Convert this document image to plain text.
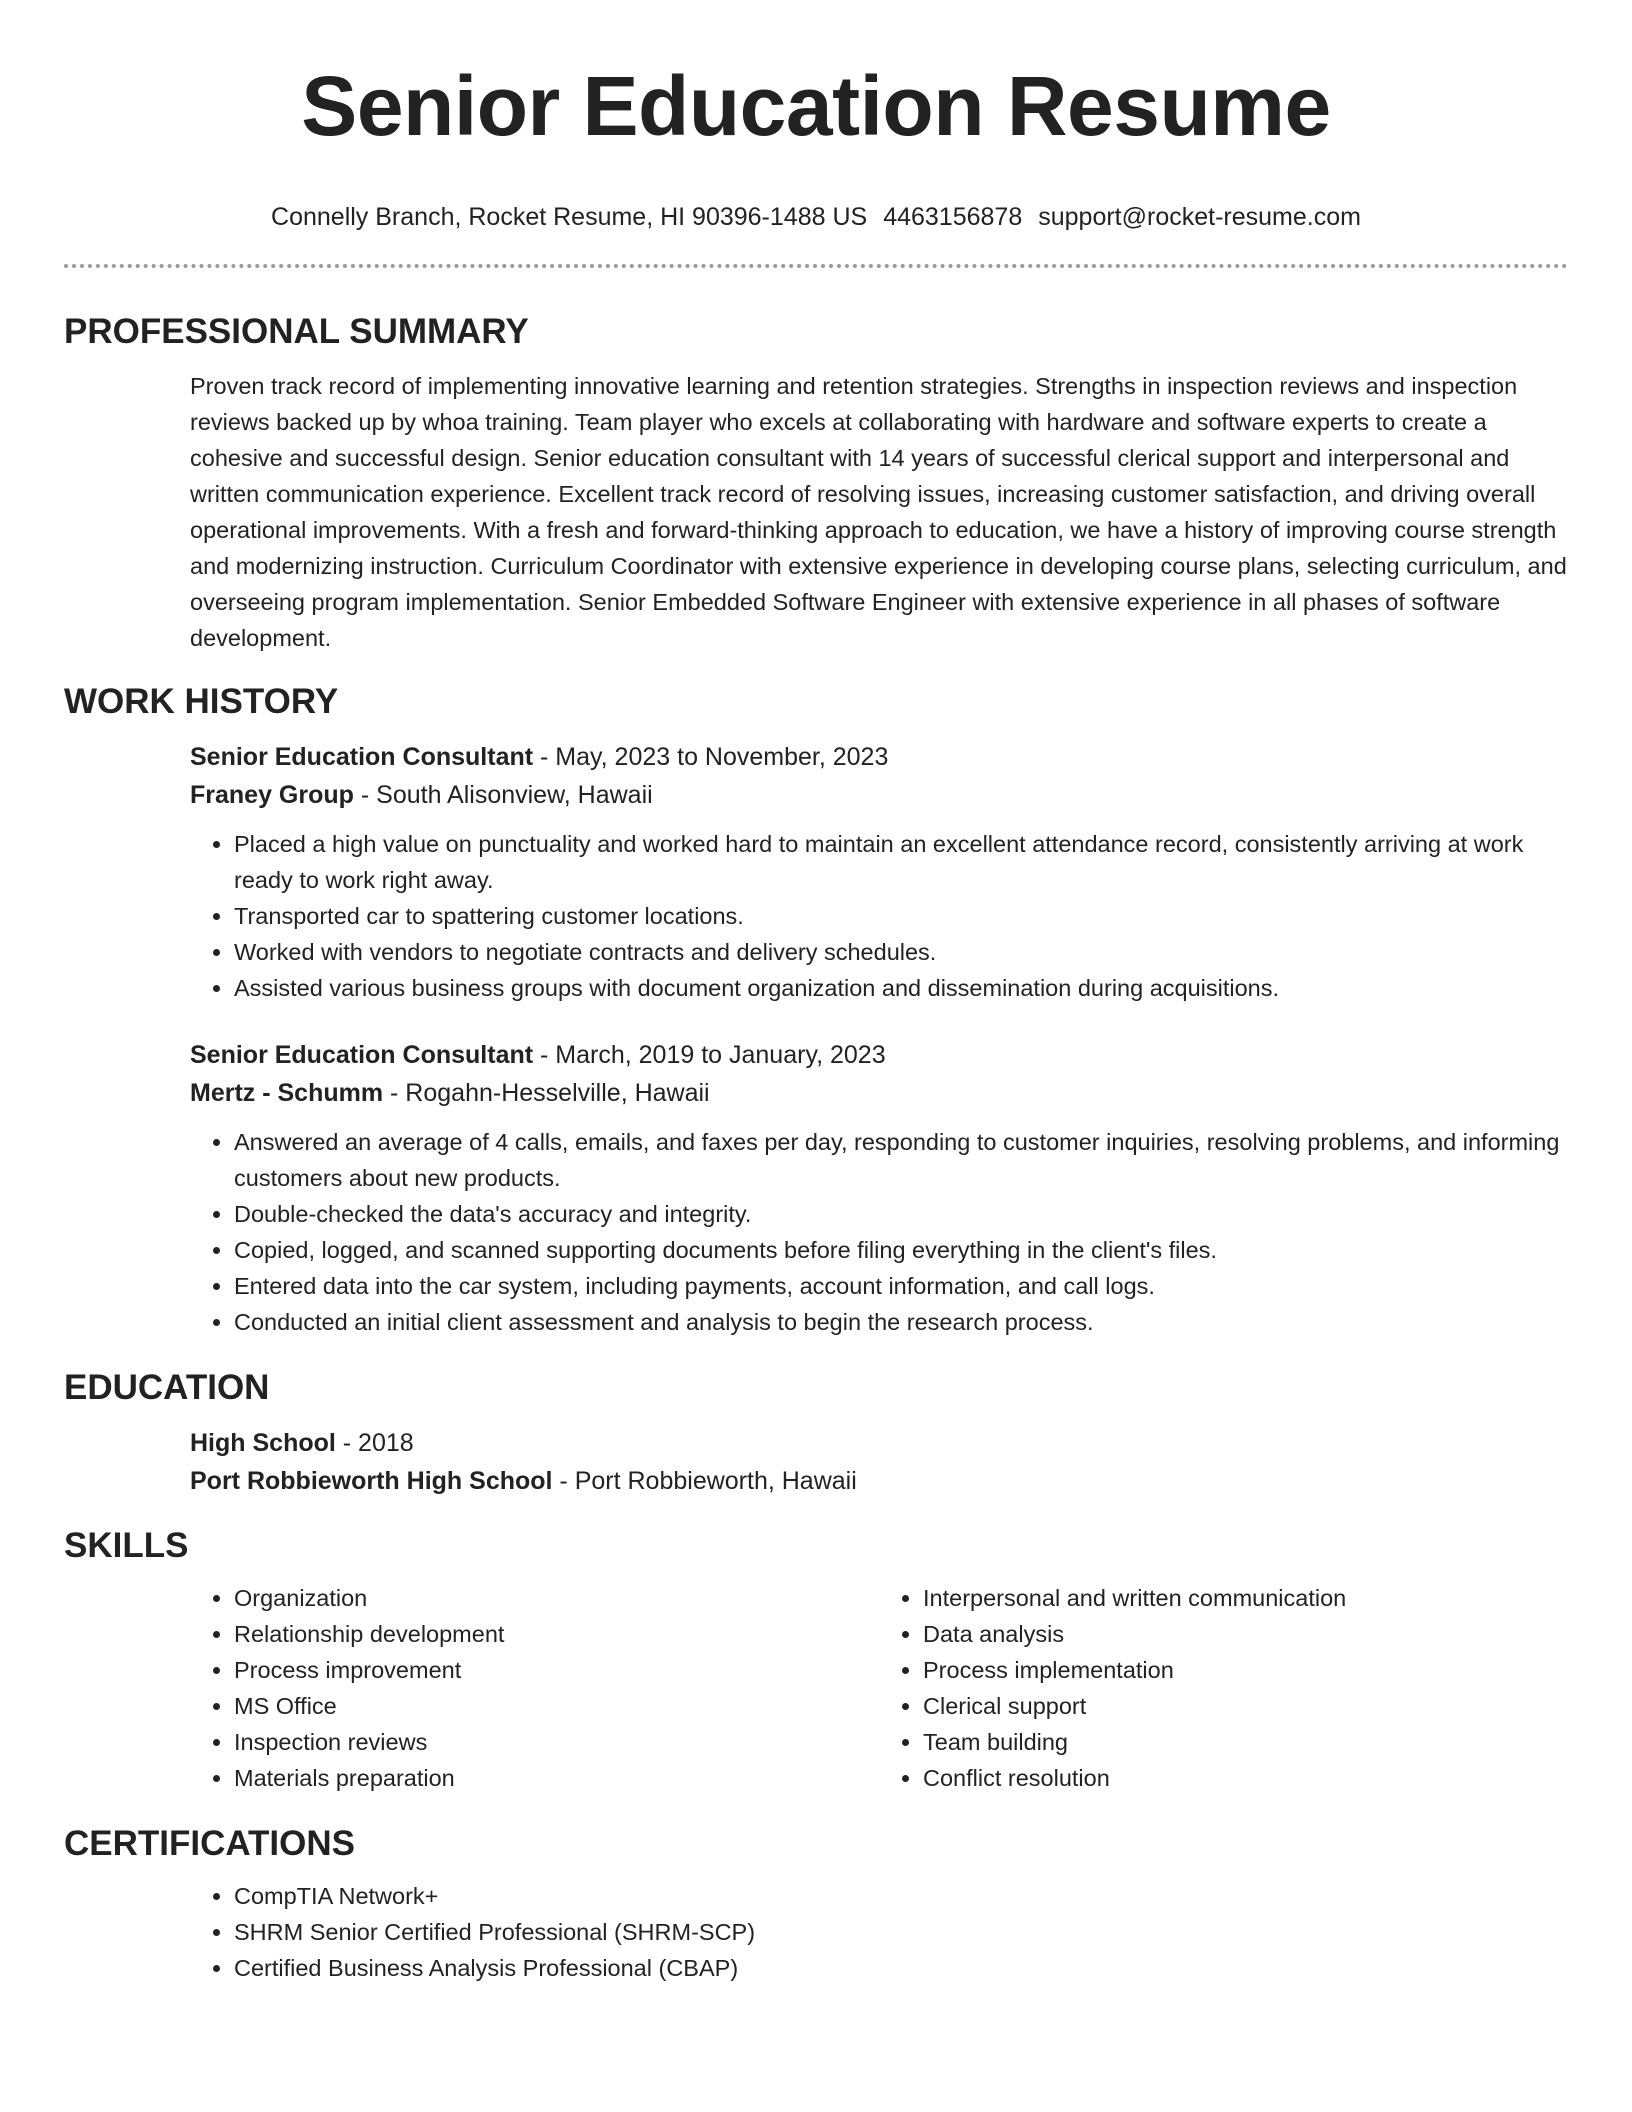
Senior Education Resume
Connelly Branch, Rocket Resume, HI 90396-1488 US 4463156878 support@rocket-resume.com
PROFESSIONAL SUMMARY

Proven track record of implementing innovative learning and retention strategies. Strengths in inspection reviews and inspection reviews backed up by whoa training. Team player who excels at collaborating with hardware and software experts to create a cohesive and successful design. Senior education consultant with 14 years of successful clerical support and interpersonal and written communication experience. Excellent track record of resolving issues, increasing customer satisfaction, and driving overall operational improvements. With a fresh and forward-thinking approach to education, we have a history of improving course strength and modernizing instruction. Curriculum Coordinator with extensive experience in developing course plans, selecting curriculum, and overseeing program implementation. Senior Embedded Software Engineer with extensive experience in all phases of software development.

WORK HISTORY

Senior Education Consultant - May, 2023 to November, 2023

Franey Group - South Alisonview, Hawaii

• Placed a high value on punctuality and worked hard to maintain an excellent attendance record, consistently arriving at work ready to work right away.
• Transported car to spattering customer locations.
• Worked with vendors to negotiate contracts and delivery schedules.
• Assisted various business groups with document organization and dissemination during acquisitions.

Senior Education Consultant - March, 2019 to January, 2023

Mertz - Schumm - Rogahn-Hesselville, Hawaii

• Answered an average of 4 calls, emails, and faxes per day, responding to customer inquiries, resolving problems, and informing customers about new products.
• Double-checked the data's accuracy and integrity.
• Copied, logged, and scanned supporting documents before filing everything in the client's files.
• Entered data into the car system, including payments, account information, and call logs.
• Conducted an initial client assessment and analysis to begin the research process.
EDUCATION

High School - 2018

Port Robbieworth High School - Port Robbieworth, Hawaii

SKILLS
• Organization
• Relationship development
• Process improvement
• MS Office
• Inspection reviews
• Materials preparation
• Interpersonal and written communication
• Data analysis
• Process implementation
• Clerical support
• Team building
• Conflict resolution
CERTIFICATIONS
• CompTIA Network+
• SHRM Senior Certified Professional (SHRM-SCP)
• Certified Business Analysis Professional (CBAP)
